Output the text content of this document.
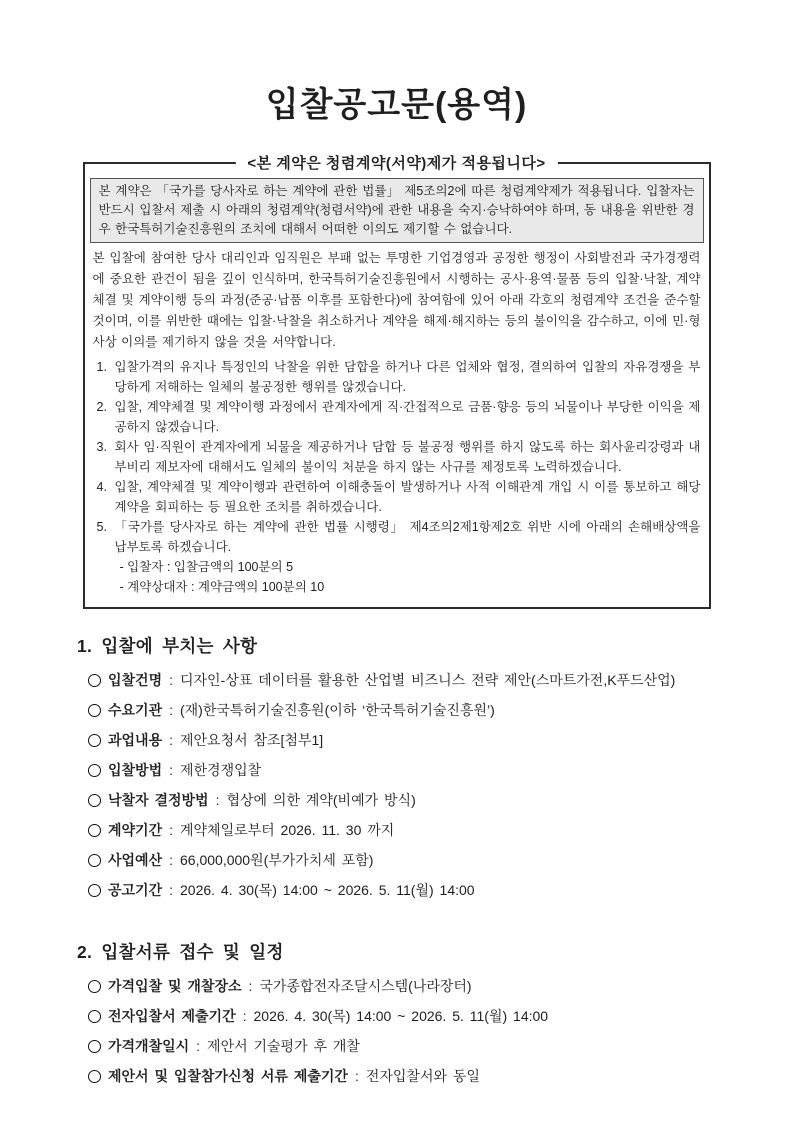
입찰공고문(용역)
<본 계약은 청렴계약(서약)제가 적용됩니다>
본 계약은 「국가를 당사자로 하는 계약에 관한 법률」 제5조의2에 따른 청렴계약제가 적용됩니다. 입찰자는 반드시 입찰서 제출 시 아래의 청렴계약(청렴서약)에 관한 내용을 숙지·승낙하여야 하며, 동 내용을 위반한 경우 한국특허기술진흥원의 조치에 대해서 어떠한 이의도 제기할 수 없습니다.

본 입찰에 참여한 당사 대리인과 임직원은 부패 없는 투명한 기업경영과 공정한 행정이 사회발전과 국가경쟁력에 중요한 관건이 됨을 깊이 인식하며, 한국특허기술진흥원에서 시행하는 공사·용역·물품 등의 입찰·낙찰, 계약체결 및 계약이행 등의 과정(준공·납품 이후를 포함한다)에 참여함에 있어 아래 각호의 청렴계약 조건을 준수할 것이며, 이를 위반한 때에는 입찰·낙찰을 취소하거나 계약을 해제·해지하는 등의 불이익을 감수하고, 이에 민·형사상 이의를 제기하지 않을 것을 서약합니다.

1. 입찰가격의 유지나 특정인의 낙찰을 위한 담합을 하거나 다른 업체와 협정, 결의하여 입찰의 자유경쟁을 부당하게 저해하는 일체의 불공정한 행위를 않겠습니다.
2. 입찰, 계약체결 및 계약이행 과정에서 관계자에게 직·간접적으로 금품·향응 등의 뇌물이나 부당한 이익을 제공하지 않겠습니다.
3. 회사 임·직원이 관계자에게 뇌물을 제공하거나 담합 등 불공정 행위를 하지 않도록 하는 회사윤리강령과 내부비리 제보자에 대해서도 일체의 불이익 처분을 하지 않는 사규를 제정토록 노력하겠습니다.
4. 입찰, 계약체결 및 계약이행과 관련하여 이해충돌이 발생하거나 사적 이해관계 개입 시 이를 통보하고 해당 계약을 회피하는 등 필요한 조치를 취하겠습니다.
5. 「국가를 당사자로 하는 계약에 관한 법률 시행령」 제4조의2제1항제2호 위반 시에 아래의 손해배상액을 납부토록 하겠습니다.
- 입찰자 : 입찰금액의 100분의 5
- 계약상대자 : 계약금액의 100분의 10
1. 입찰에 부치는 사항
입찰건명 : 디자인-상표 데이터를 활용한 산업별 비즈니스 전략 제안(스마트가전,K푸드산업)
수요기관 : (재)한국특허기술진흥원(이하 ‘한국특허기술진흥원’)
과업내용 : 제안요청서 참조[첨부1]
입찰방법 : 제한경쟁입찰
낙찰자 결정방법 : 협상에 의한 계약(비예가 방식)
계약기간 : 계약체일로부터 2026. 11. 30 까지
사업예산 : 66,000,000원(부가가치세 포함)
공고기간 : 2026. 4. 30(목) 14:00 ~ 2026. 5. 11(월) 14:00
2. 입찰서류 접수 및 일정
가격입찰 및 개찰장소 : 국가종합전자조달시스템(나라장터)
전자입찰서 제출기간 : 2026. 4. 30(목) 14:00 ~ 2026. 5. 11(월) 14:00
가격개찰일시 : 제안서 기술평가 후 개찰
제안서 및 입찰참가신청 서류 제출기간 : 전자입찰서와 동일
